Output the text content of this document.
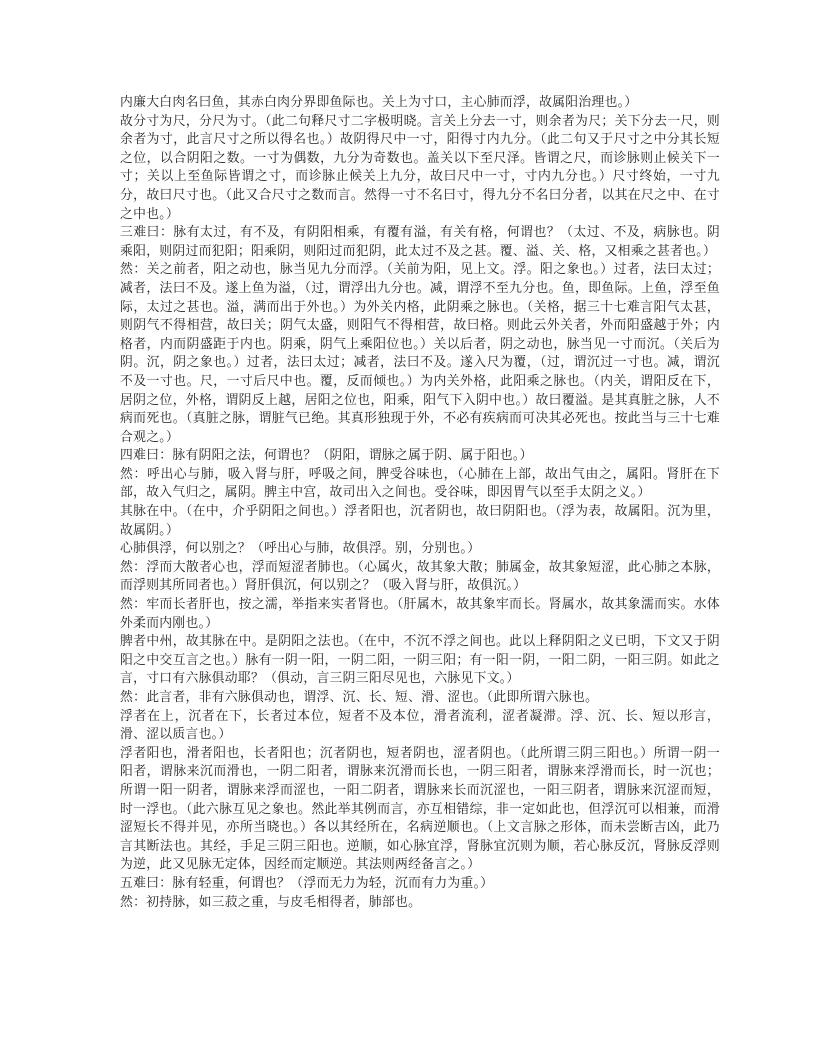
内廉大白肉名曰鱼，其赤白肉分界即鱼际也。关上为寸口，主心肺而浮，故属阳治理也。）

故分寸为尺，分尺为寸。（此二句释尺寸二字极明晓。言关上分去一寸，则余者为尺；关下分去一尺，则余者为寸，此言尺寸之所以得名也。）故阴得尺中一寸，阳得寸内九分。（此二句又于尺寸之中分其长短之位，以合阴阳之数。一寸为偶数，九分为奇数也。盖关以下至尺泽。皆谓之尺，而诊脉则止候关下一寸；关以上至鱼际皆谓之寸，而诊脉止候关上九分，故曰尺中一寸，寸内九分也。）尺寸终始，一寸九分，故曰尺寸也。（此又合尺寸之数而言。然得一寸不名曰寸，得九分不名曰分者，以其在尺之中、在寸之中也。）

三难曰：脉有太过，有不及，有阴阳相乘，有覆有溢，有关有格，何谓也？（太过、不及，病脉也。阴乘阳，则阴过而犯阳；阳乘阴，则阳过而犯阴，此太过不及之甚。覆、溢、关、格，又相乘之甚者也。）

然：关之前者，阳之动也，脉当见九分而浮。（关前为阳，见上文。浮。阳之象也。）过者，法曰太过；减者，法曰不及。遂上鱼为溢，（过，谓浮出九分也。减，谓浮不至九分也。鱼，即鱼际。上鱼，浮至鱼际，太过之甚也。溢，满而出于外也。）为外关内格，此阴乘之脉也。（关格，据三十七难言阳气太甚，则阴气不得相营，故曰关；阴气太盛，则阳气不得相营，故曰格。则此云外关者，外而阳盛越于外；内格者，内而阴盛距于内也。阴乘，阴气上乘阳位也。）关以后者，阴之动也，脉当见一寸而沉。（关后为阴。沉，阴之象也。）过者，法曰太过；减者，法曰不及。遂入尺为覆，（过，谓沉过一寸也。减，谓沉不及一寸也。尺，一寸后尺中也。覆，反而倾也。）为内关外格，此阳乘之脉也。（内关，谓阳反在下，居阴之位，外格，谓阴反上越，居阳之位也，阳乘，阳气下入阴中也。）故曰覆溢。是其真脏之脉，人不病而死也。（真脏之脉，谓脏气已绝。其真形独现于外，不必有疾病而可决其必死也。按此当与三十七难合观之。）

四难曰：脉有阴阳之法，何谓也？（阴阳，谓脉之属于阴、属于阳也。）

然：呼出心与肺，吸入肾与肝，呼吸之间，脾受谷味也，（心肺在上部，故出气由之，属阳。肾肝在下部，故入气归之，属阴。脾主中宫，故司出入之间也。受谷味，即因胃气以至手太阴之义。）

其脉在中。（在中，介乎阴阳之间也。）浮者阳也，沉者阴也，故曰阴阳也。（浮为表，故属阳。沉为里，故属阴。）

心肺俱浮，何以别之？（呼出心与肺，故俱浮。别，分别也。）

然：浮而大散者心也，浮而短涩者肺也。（心属火，故其象大散；肺属金，故其象短涩，此心肺之本脉，而浮则其所同者也。）肾肝俱沉，何以别之？（吸入肾与肝，故俱沉。）

然：牢而长者肝也，按之濡，举指来实者肾也。（肝属木，故其象牢而长。肾属水，故其象濡而实。水体外柔而内刚也。）

脾者中州，故其脉在中。是阴阳之法也。（在中，不沉不浮之间也。此以上释阴阳之义已明，下文又于阴阳之中交互言之也。）脉有一阴一阳，一阴二阳，一阴三阳；有一阳一阴，一阳二阴，一阳三阴。如此之言，寸口有六脉俱动耶？（俱动，言三阴三阳尽见也，六脉见下文。）

然：此言者，非有六脉俱动也，谓浮、沉、长、短、滑、涩也。（此即所谓六脉也。

浮者在上，沉者在下，长者过本位，短者不及本位，滑者流利，涩者凝滞。浮、沉、长、短以形言，滑、涩以质言也。）

浮者阳也，滑者阳也，长者阳也；沉者阴也，短者阴也，涩者阴也。（此所谓三阴三阳也。）所谓一阴一阳者，谓脉来沉而滑也，一阴二阳者，谓脉来沉滑而长也，一阴三阳者，谓脉来浮滑而长，时一沉也；所谓一阳一阴者，谓脉来浮而涩也，一阳二阴者，谓脉来长而沉涩也，一阳三阴者，谓脉来沉涩而短，时一浮也。（此六脉互见之象也。然此举其例而言，亦互相错综，非一定如此也，但浮沉可以相兼，而滑涩短长不得并见，亦所当晓也。）各以其经所在，名病逆顺也。（上文言脉之形体，而未尝断吉凶，此乃言其断法也。其经，手足三阴三阳也。逆顺，如心脉宜浮，肾脉宜沉则为顺，若心脉反沉，肾脉反浮则为逆，此又见脉无定体，因经而定顺逆。其法则两经备言之。）

五难曰：脉有轻重，何谓也？（浮而无力为轻，沉而有力为重。）

然：初持脉，如三菽之重，与皮毛相得者，肺部也。
